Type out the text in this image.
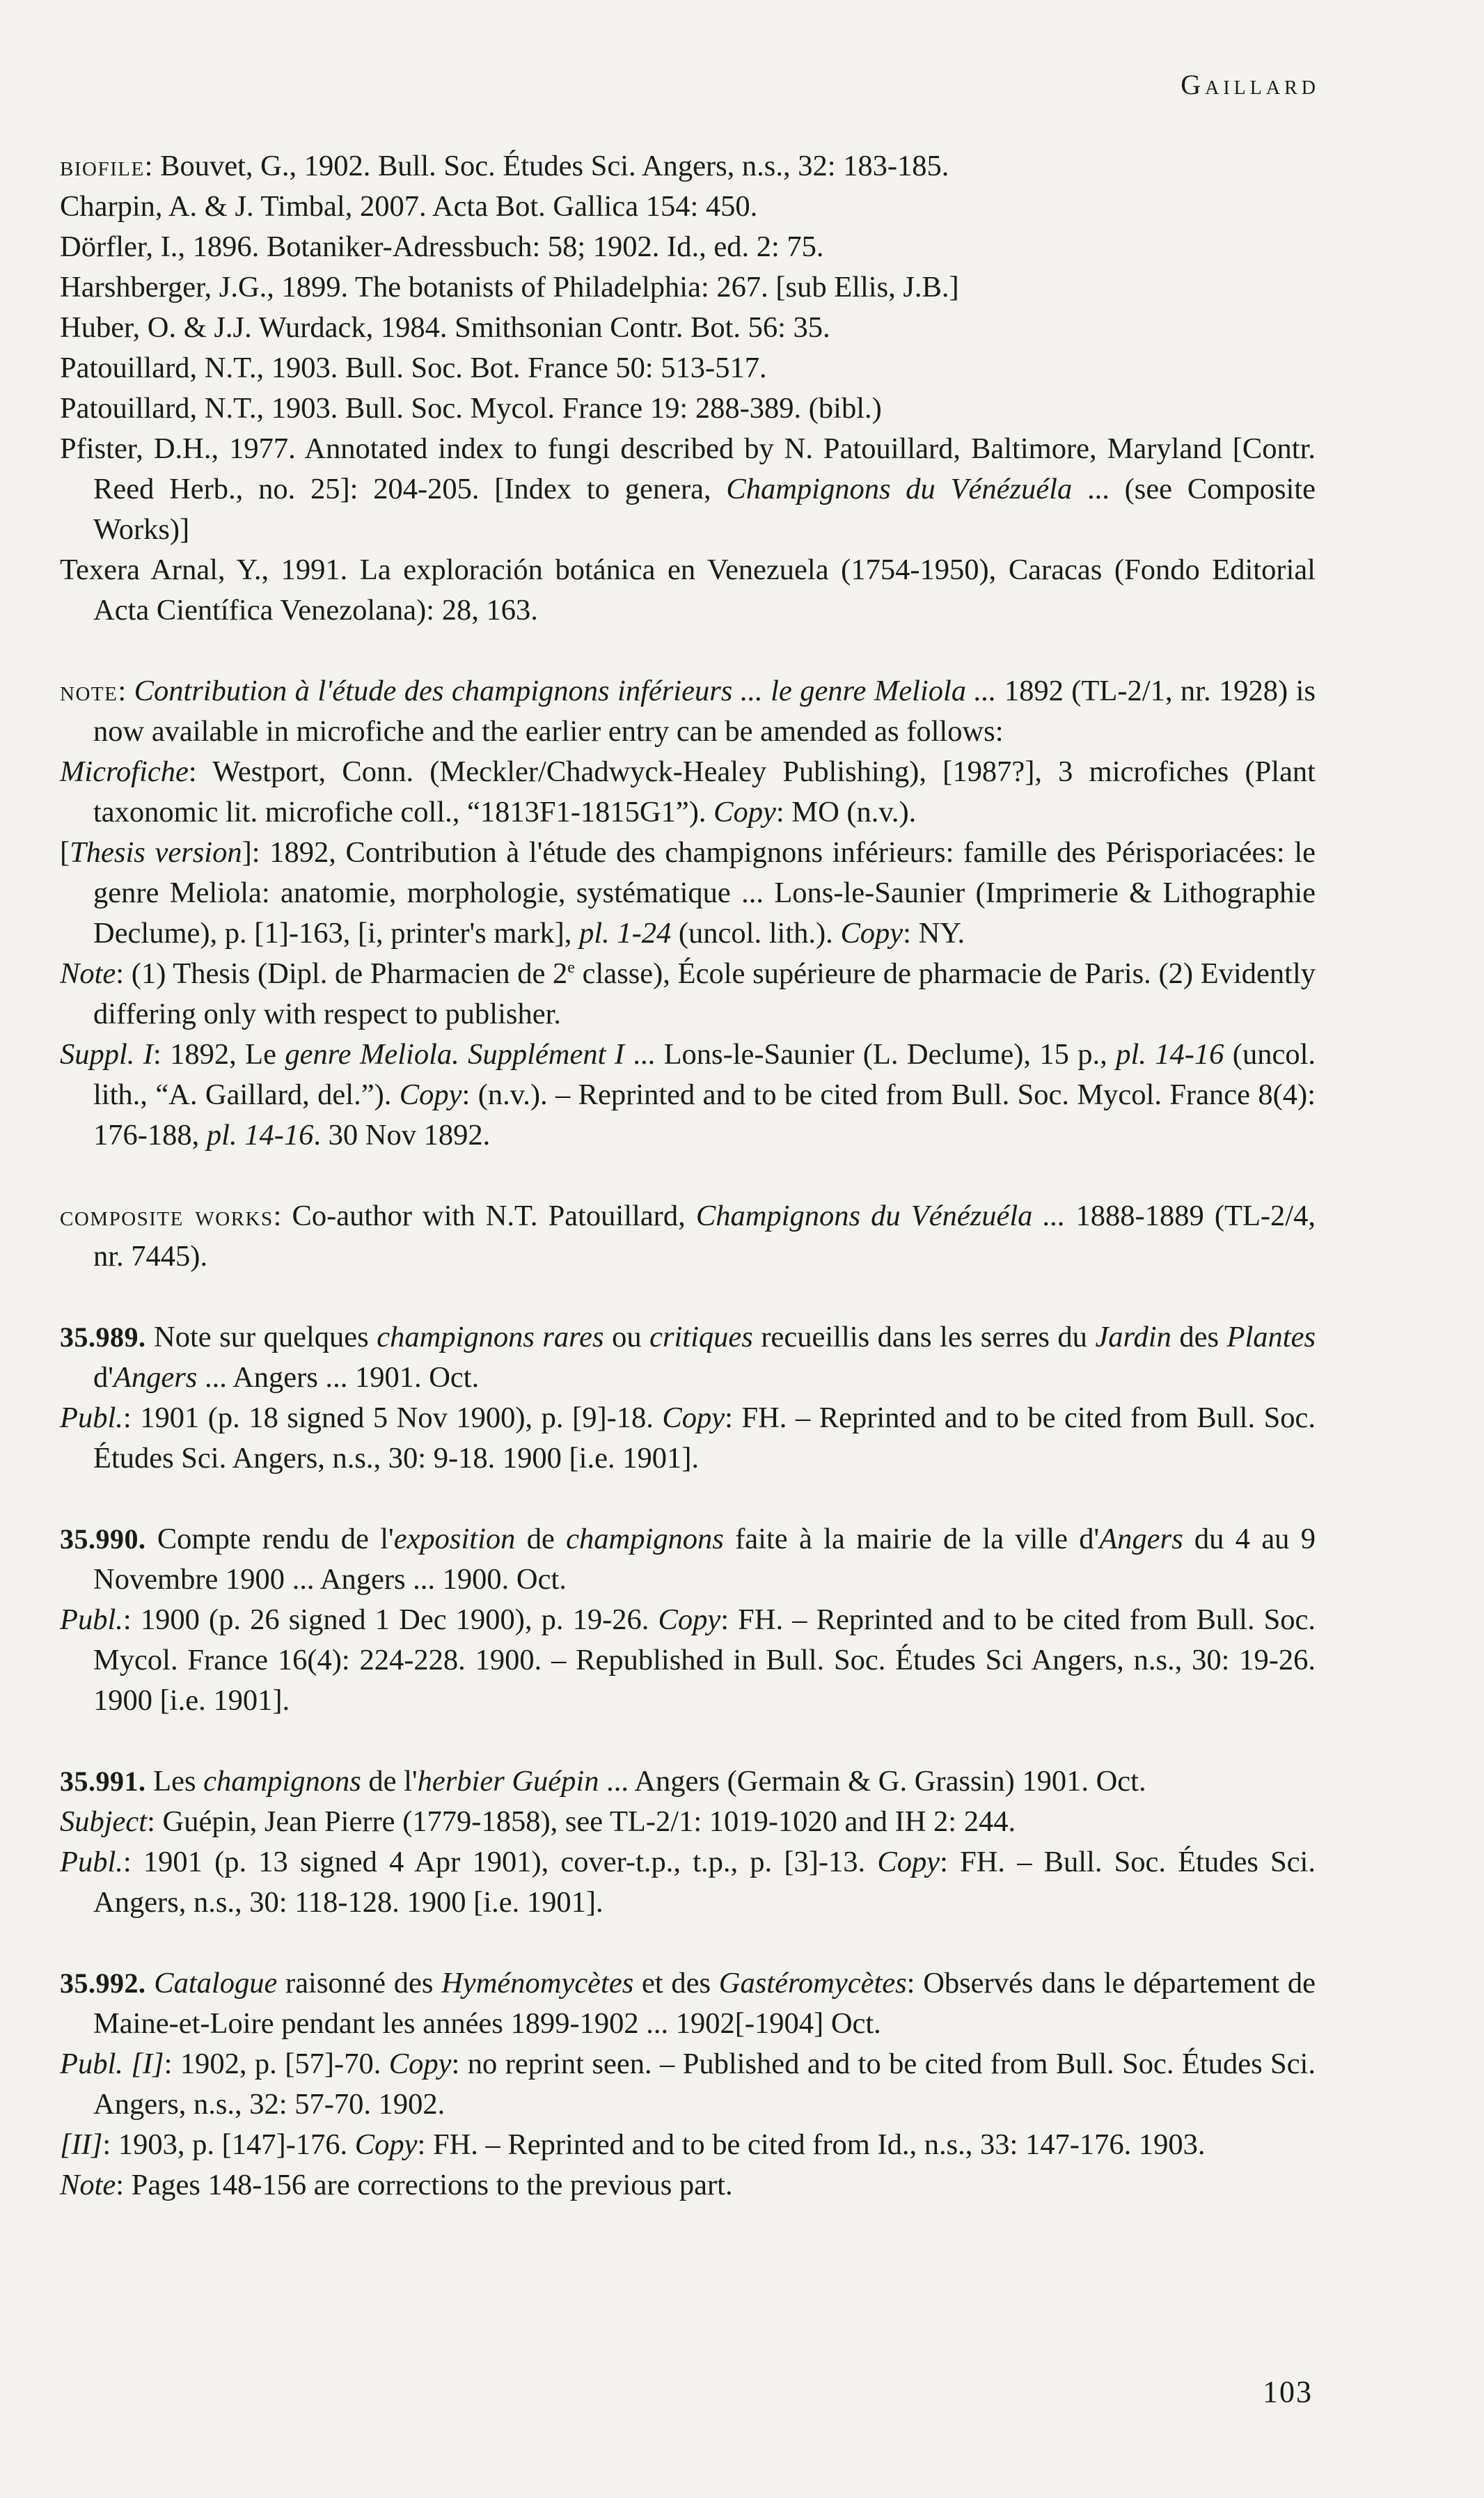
Gaillard

biofile: Bouvet, G., 1902. Bull. Soc. Études Sci. Angers, n.s., 32: 183-185.

Charpin, A. & J. Timbal, 2007. Acta Bot. Gallica 154: 450.

Dörfler, I., 1896. Botaniker-Adressbuch: 58; 1902. Id., ed. 2: 75.

Harshberger, J.G., 1899. The botanists of Philadelphia: 267. [sub Ellis, J.B.]

Huber, O. & J.J. Wurdack, 1984. Smithsonian Contr. Bot. 56: 35.

Patouillard, N.T., 1903. Bull. Soc. Bot. France 50: 513-517.

Patouillard, N.T., 1903. Bull. Soc. Mycol. France 19: 288-389. (bibl.)

Pfister, D.H., 1977. Annotated index to fungi described by N. Patouillard, Baltimore, Maryland [Contr. Reed Herb., no. 25]: 204-205. [Index to genera, Champignons du Vénézuéla ... (see Composite Works)]

Texera Arnal, Y., 1991. La exploración botánica en Venezuela (1754-1950), Caracas (Fondo Editorial Acta Científica Venezolana): 28, 163.

note: Contribution à l'étude des champignons inférieurs ... le genre Meliola ... 1892 (TL-2/1, nr. 1928) is now available in microfiche and the earlier entry can be amended as follows:

Microfiche: Westport, Conn. (Meckler/Chadwyck-Healey Publishing), [1987?], 3 microfiches (Plant taxonomic lit. microfiche coll., “1813F1-1815G1”). Copy: MO (n.v.).

[Thesis version]: 1892, Contribution à l'étude des champignons inférieurs: famille des Périsporiacées: le genre Meliola: anatomie, morphologie, systématique ... Lons-le-Saunier (Imprimerie & Lithographie Declume), p. [1]-163, [i, printer's mark], pl. 1-24 (uncol. lith.). Copy: NY.

Note: (1) Thesis (Dipl. de Pharmacien de 2e classe), École supérieure de pharmacie de Paris. (2) Evidently differing only with respect to publisher.

Suppl. I: 1892, Le genre Meliola. Supplément I ... Lons-le-Saunier (L. Declume), 15 p., pl. 14-16 (uncol. lith., “A. Gaillard, del.”). Copy: (n.v.). – Reprinted and to be cited from Bull. Soc. Mycol. France 8(4): 176-188, pl. 14-16. 30 Nov 1892.

composite works: Co-author with N.T. Patouillard, Champignons du Vénézuéla ... 1888-1889 (TL-2/4, nr. 7445).

35.989. Note sur quelques champignons rares ou critiques recueillis dans les serres du Jardin des Plantes d'Angers ... Angers ... 1901. Oct.

Publ.: 1901 (p. 18 signed 5 Nov 1900), p. [9]-18. Copy: FH. – Reprinted and to be cited from Bull. Soc. Études Sci. Angers, n.s., 30: 9-18. 1900 [i.e. 1901].

35.990. Compte rendu de l'exposition de champignons faite à la mairie de la ville d'Angers du 4 au 9 Novembre 1900 ... Angers ... 1900. Oct.

Publ.: 1900 (p. 26 signed 1 Dec 1900), p. 19-26. Copy: FH. – Reprinted and to be cited from Bull. Soc. Mycol. France 16(4): 224-228. 1900. – Republished in Bull. Soc. Études Sci Angers, n.s., 30: 19-26. 1900 [i.e. 1901].

35.991. Les champignons de l'herbier Guépin ... Angers (Germain & G. Grassin) 1901. Oct.

Subject: Guépin, Jean Pierre (1779-1858), see TL-2/1: 1019-1020 and IH 2: 244.

Publ.: 1901 (p. 13 signed 4 Apr 1901), cover-t.p., t.p., p. [3]-13. Copy: FH. – Bull. Soc. Études Sci. Angers, n.s., 30: 118-128. 1900 [i.e. 1901].

35.992. Catalogue raisonné des Hyménomycètes et des Gastéromycètes: Observés dans le département de Maine-et-Loire pendant les années 1899-1902 ... 1902[-1904] Oct.

Publ. [I]: 1902, p. [57]-70. Copy: no reprint seen. – Published and to be cited from Bull. Soc. Études Sci. Angers, n.s., 32: 57-70. 1902.

[II]: 1903, p. [147]-176. Copy: FH. – Reprinted and to be cited from Id., n.s., 33: 147-176. 1903.

Note: Pages 148-156 are corrections to the previous part.

103
